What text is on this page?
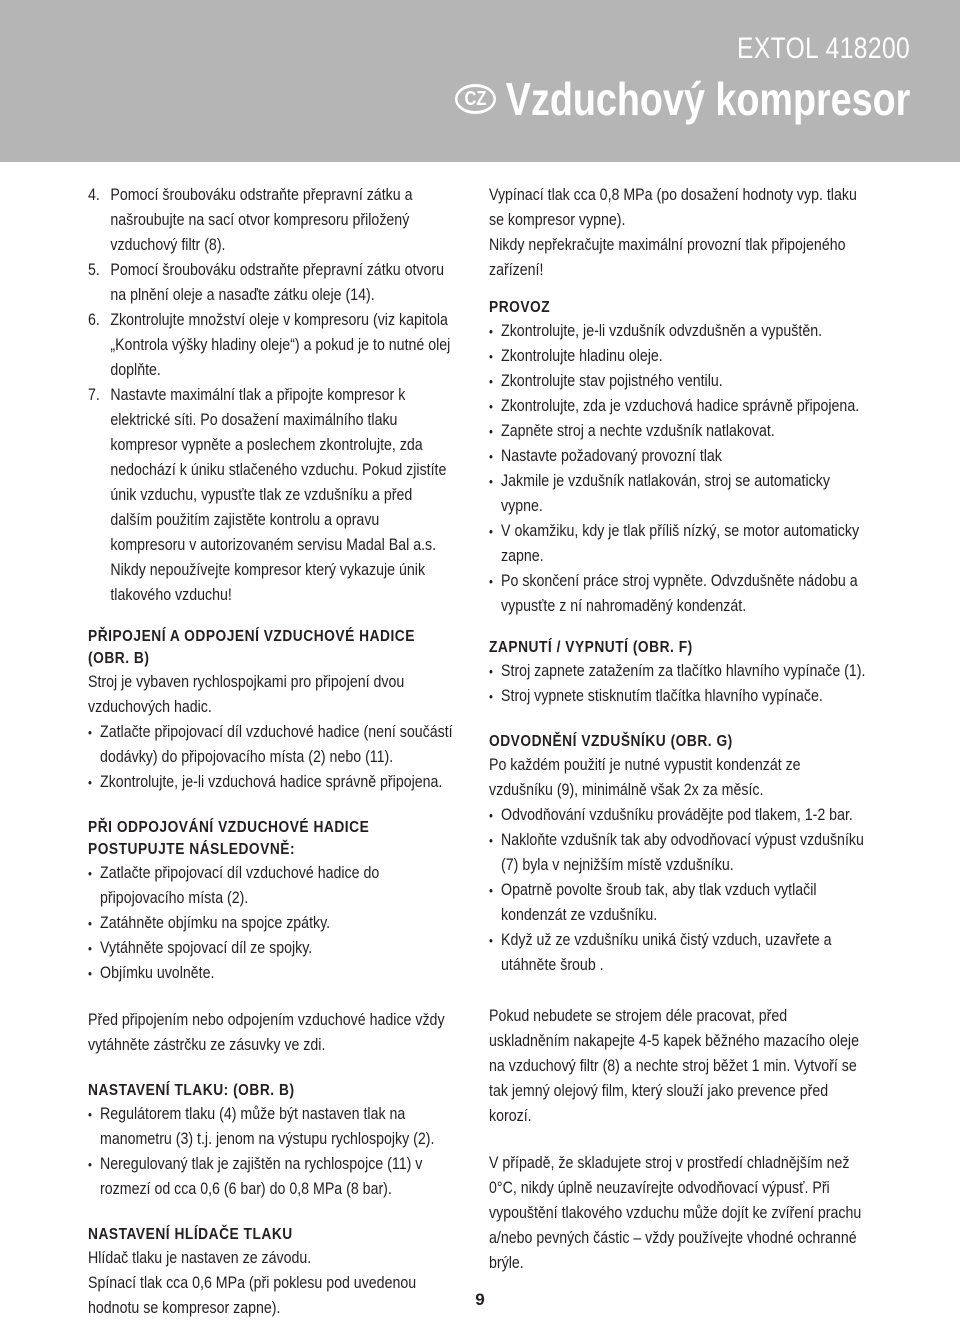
EXTOL 418200
CZ Vzduchový kompresor
4. Pomocí šroubováku odstraňte přepravní zátku a našroubujte na sací otvor kompresoru přiložený vzduchový filtr (8).

5. Pomocí šroubováku odstraňte přepravní zátku otvoru na plnění oleje a nasaďte zátku oleje (14).

6. Zkontrolujte množství oleje v kompresoru (viz kapitola „Kontrola výšky hladiny oleje“) a pokud je to nutné olej doplňte.

7. Nastavte maximální tlak a připojte kompresor k elektrické síti. Po dosažení maximálního tlaku kompresor vypněte a poslechem zkontrolujte, zda nedochází k úniku stlačeného vzduchu. Pokud zjistíte únik vzduchu, vypusťte tlak ze vzdušníku a před dalším použitím zajistěte kontrolu a opravu kompresoru v autorizovaném servisu Madal Bal a.s. Nikdy nepoužívejte kompresor který vykazuje únik tlakového vzduchu!

PŘIPOJENÍ A ODPOJENÍ VZDUCHOVÉ HADICE (OBR. B)

Stroj je vybaven rychlospojkami pro připojení dvou vzduchových hadic.

• Zatlačte připojovací díl vzduchové hadice (není součástí dodávky) do připojovacího místa (2) nebo (11).
• Zkontrolujte, je-li vzduchová hadice správně připojena.
PŘI ODPOJOVÁNÍ VZDUCHOVÉ HADICE POSTUPUJTE NÁSLEDOVNĚ:
• Zatlačte připojovací díl vzduchové hadice do připojovacího místa (2).
• Zatáhněte objímku na spojce zpátky.
• Vytáhněte spojovací díl ze spojky.
• Objímku uvolněte.

Před připojením nebo odpojením vzduchové hadice vždy vytáhněte zástrčku ze zásuvky ve zdi.

NASTAVENÍ TLAKU: (OBR. B)
• Regulátorem tlaku (4) může být nastaven tlak na manometru (3) t.j. jenom na výstupu rychlospojky (2).
• Neregulovaný tlak je zajištěn na rychlospojce (11) v rozmezí od cca 0,6 (6 bar) do 0,8 MPa (8 bar).
NASTAVENÍ HLÍDAČE TLAKU

Hlídač tlaku je nastaven ze závodu.

Spínací tlak cca 0,6 MPa (při poklesu pod uvedenou hodnotu se kompresor zapne).

Vypínací tlak cca 0,8 MPa (po dosažení hodnoty vyp. tlaku se kompresor vypne).

Nikdy nepřekračujte maximální provozní tlak připojeného zařízení!

PROVOZ
• Zkontrolujte, je-li vzdušník odvzdušněn a vypuštěn.
• Zkontrolujte hladinu oleje.
• Zkontrolujte stav pojistného ventilu.
• Zkontrolujte, zda je vzduchová hadice správně připojena.
• Zapněte stroj a nechte vzdušník natlakovat.
• Nastavte požadovaný provozní tlak
• Jakmile je vzdušník natlakován, stroj se automaticky vypne.
• V okamžiku, kdy je tlak příliš nízký, se motor automaticky zapne.
• Po skončení práce stroj vypněte. Odvzdušněte nádobu a vypusťte z ní nahromaděný kondenzát.
ZAPNUTÍ / VYPNUTÍ (OBR. F)
• Stroj zapnete zatažením za tlačítko hlavního vypínače (1).
• Stroj vypnete stisknutím tlačítka hlavního vypínače.
ODVODNĚNÍ VZDUŠNÍKU (OBR. G)

Po každém použití je nutné vypustit kondenzát ze vzdušníku (9), minimálně však 2x za měsíc.

• Odvodňování vzdušníku provádějte pod tlakem, 1-2 bar.
• Nakloňte vzdušník tak aby odvodňovací výpust vzdušníku (7) byla v nejnižším místě vzdušníku.
• Opatrně povolte šroub tak, aby tlak vzduch vytlačil kondenzát ze vzdušníku.
• Když už ze vzdušníku uniká čistý vzduch, uzavřete a utáhněte šroub .

Pokud nebudete se strojem déle pracovat, před uskladněním nakapejte 4-5 kapek běžného mazacího oleje na vzduchový filtr (8) a nechte stroj běžet 1 min. Vytvoří se tak jemný olejový film, který slouží jako prevence před korozí.

V případě, že skladujete stroj v prostředí chladnějším než 0°C, nikdy úplně neuzavírejte odvodňovací výpusť. Při vypouštění tlakového vzduchu může dojít ke zvíření prachu a/nebo pevných částic – vždy používejte vhodné ochranné brýle.

9
